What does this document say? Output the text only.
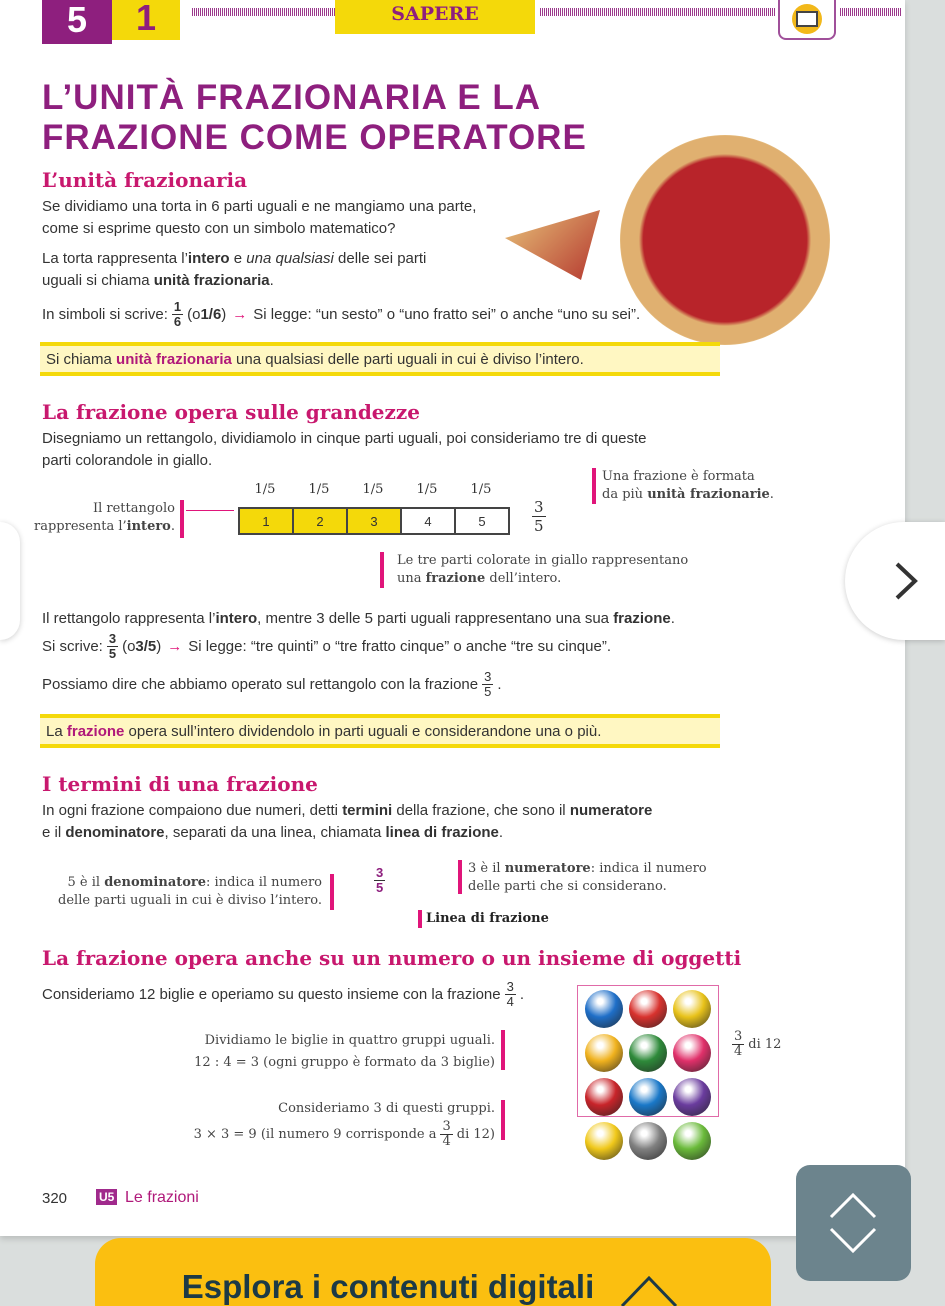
5	1	SAPERE
L’UNITÀ FRAZIONARIA E LA
FRAZIONE COME OPERATORE
L’unità frazionaria
Se dividiamo una torta in 6 parti uguali e ne mangiamo una parte,
come si esprime questo con un simbolo matematico?
La torta rappresenta l’intero e una qualsiasi delle sei parti
uguali si chiama unità frazionaria.
In simboli si scrive: $\frac{1}{6} (o$ 1/6 ) → Si legge: “un sesto” o “uno fratto sei” o anche “uno su sei”.
Si chiama unità frazionaria una qualsiasi delle parti uguali in cui è diviso l’intero.
La frazione opera sulle grandezze
Disegniamo un rettangolo, dividiamolo in cinque parti uguali, poi consideriamo tre di queste
parti colorandole in giallo.
Il rettangolo
rappresenta l’intero.
1/5	1/5	1/5	1/5	1/5
1	2	3	4	5	$\frac{3}{5}$
Una frazione è formata
da più unità frazionarie.
Le tre parti colorate in giallo rappresentano
una frazione dell’intero.
Il rettangolo rappresenta l’intero, mentre 3 delle 5 parti uguali rappresentano una sua frazione.
Si scrive: $\frac{3}{5} (o$ 3/5 ) → Si legge: “tre quinti” o “tre fratto cinque” o anche “tre su cinque”.
Possiamo dire che abbiamo operato sul rettangolo con la frazione $\frac{3}{5}$ .
La frazione opera sull’intero dividendolo in parti uguali e considerandone una o più.
I termini di una frazione
In ogni frazione compaiono due numeri, detti termini della frazione, che sono il numeratore
e il denominatore, separati da una linea, chiamata linea di frazione.
5 è il denominatore: indica il numero
delle parti uguali in cui è diviso l’intero.
$\frac{3}{5}$	3 è il numeratore: indica il numero
delle parti che si considerano.
Linea di frazione
La frazione opera anche su un numero o un insieme di oggetti
Consideriamo 12 biglie e operiamo su questo insieme con la frazione $\frac{3}{4}$ .
Dividiamo le biglie in quattro gruppi uguali.
12 : 4 = 3 (ogni gruppo è formato da 3 biglie)
Consideriamo 3 di questi gruppi.
3 × 3 = 9 (il numero 9 corrisponde a $\frac{3}{4}$ di 12)
$\frac{3}{4}$ di 12
320	U5 Le frazioni
Esplora i contenuti digitali
